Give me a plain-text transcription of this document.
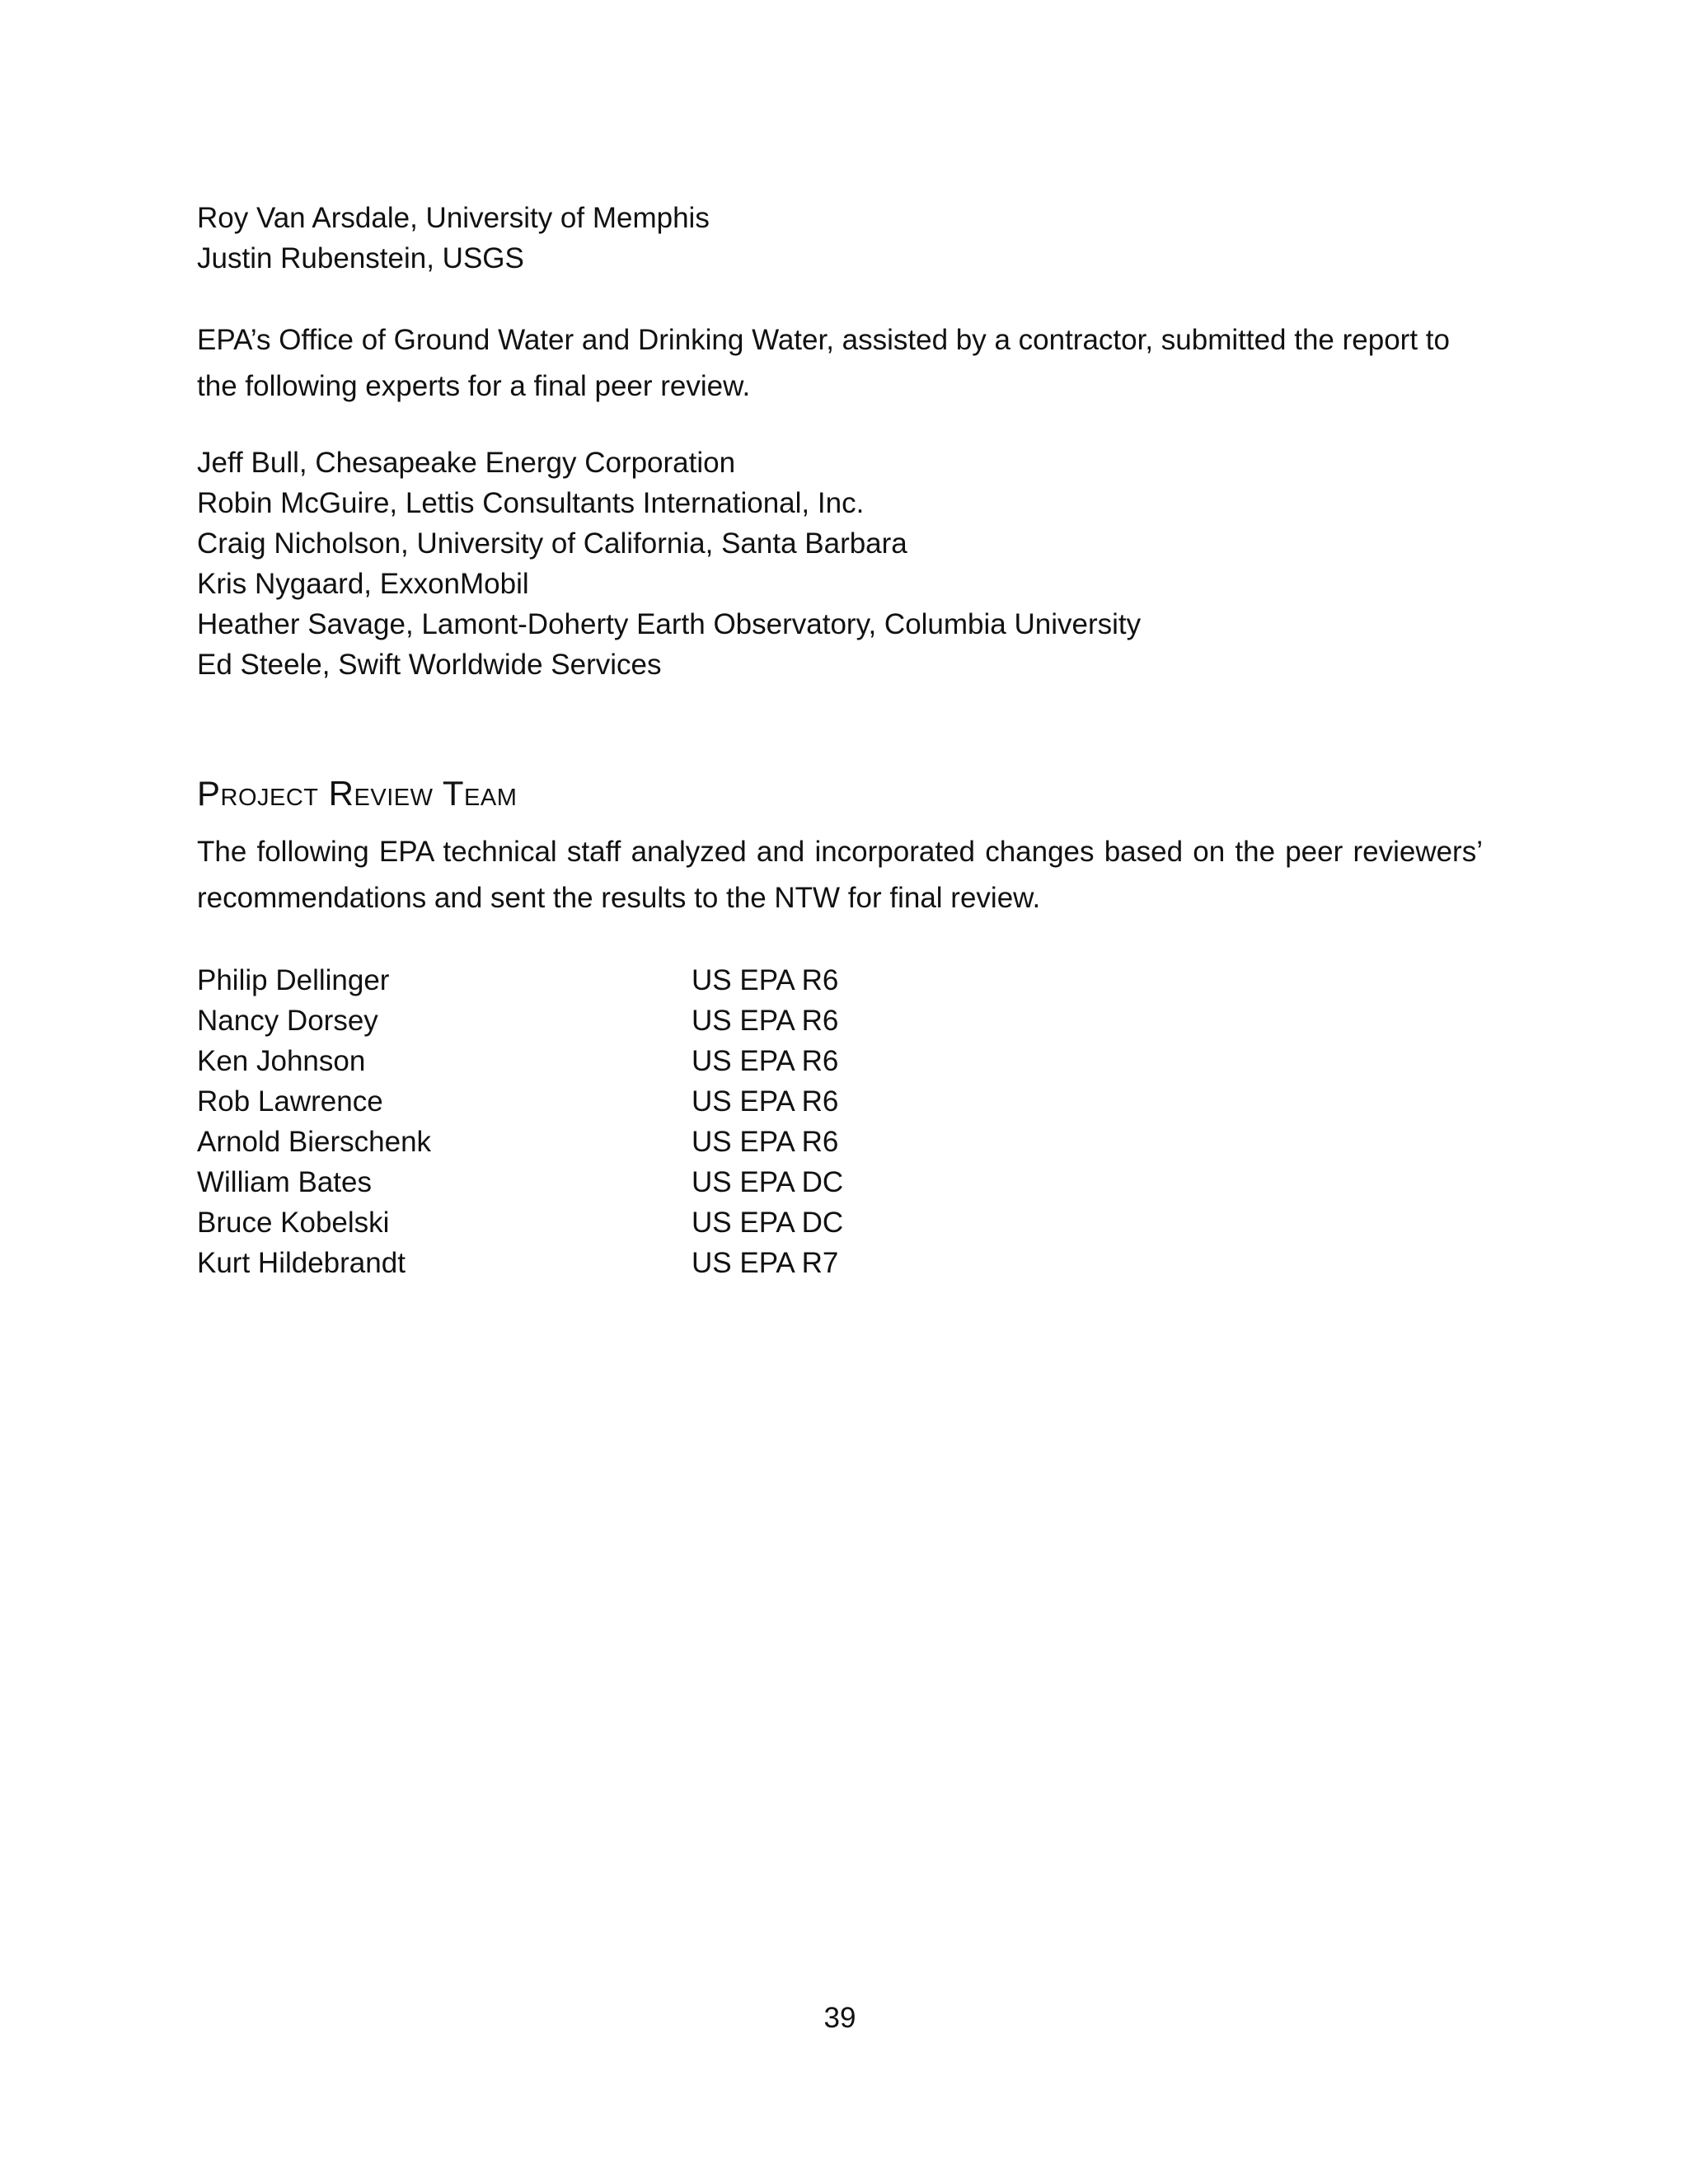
Roy Van Arsdale, University of Memphis
Justin Rubenstein, USGS

EPA’s Office of Ground Water and Drinking Water, assisted by a contractor, submitted the report to the following experts for a final peer review.

Jeff Bull, Chesapeake Energy Corporation
Robin McGuire, Lettis Consultants International, Inc.
Craig Nicholson, University of California, Santa Barbara
Kris Nygaard, ExxonMobil
Heather Savage, Lamont-Doherty Earth Observatory, Columbia University
Ed Steele, Swift Worldwide Services
Project Review Team

The following EPA technical staff analyzed and incorporated changes based on the peer reviewers’ recommendations and sent the results to the NTW for final review.

Philip Dellinger	US EPA R6
Nancy Dorsey	US EPA R6
Ken Johnson	US EPA R6
Rob Lawrence	US EPA R6
Arnold Bierschenk	US EPA R6
William Bates	US EPA DC
Bruce Kobelski	US EPA DC
Kurt Hildebrandt	US EPA R7
39
